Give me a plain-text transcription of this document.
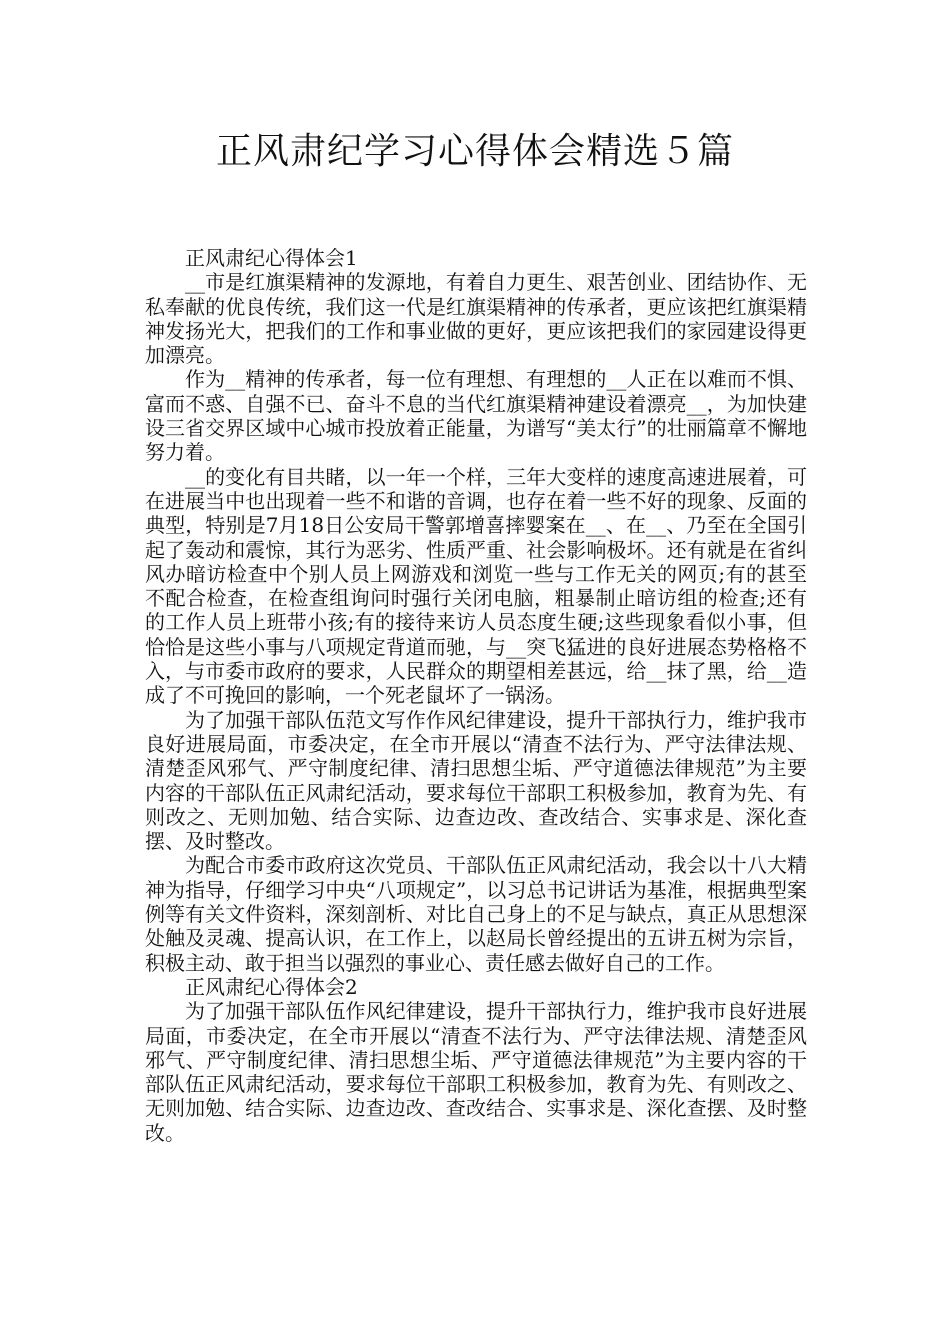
正风肃纪学习心得体会精选５篇

正风肃纪心得体会1

__市是红旗渠精神的发源地，有着自力更生、艰苦创业、团结协作、无私奉献的优良传统，我们这一代是红旗渠精神的传承者，更应该把红旗渠精神发扬光大，把我们的工作和事业做的更好，更应该把我们的家园建设得更加漂亮。

作为__精神的传承者，每一位有理想、有理想的__人正在以难而不惧、富而不惑、自强不已、奋斗不息的当代红旗渠精神建设着漂亮__，为加快建设三省交界区域中心城市投放着正能量，为谱写“美太行”的壮丽篇章不懈地努力着。

__的变化有目共睹，以一年一个样，三年大变样的速度高速进展着，可在进展当中也出现着一些不和谐的音调，也存在着一些不好的现象、反面的典型，特别是7月18日公安局干警郭增喜摔婴案在__、在__、乃至在全国引起了轰动和震惊，其行为恶劣、性质严重、社会影响极坏。还有就是在省纠风办暗访检查中个别人员上网游戏和浏览一些与工作无关的网页;有的甚至不配合检查，在检查组询问时强行关闭电脑，粗暴制止暗访组的检查;还有的工作人员上班带小孩;有的接待来访人员态度生硬;这些现象看似小事，但恰恰是这些小事与八项规定背道而驰，与__突飞猛进的良好进展态势格格不入，与市委市政府的要求，人民群众的期望相差甚远，给__抹了黑，给__造成了不可挽回的影响，一个死老鼠坏了一锅汤。

为了加强干部队伍范文写作作风纪律建设，提升干部执行力，维护我市良好进展局面，市委决定，在全市开展以“清查不法行为、严守法律法规、清楚歪风邪气、严守制度纪律、清扫思想尘垢、严守道德法律规范”为主要内容的干部队伍正风肃纪活动，要求每位干部职工积极参加，教育为先、有则改之、无则加勉、结合实际、边查边改、查改结合、实事求是、深化查摆、及时整改。

为配合市委市政府这次党员、干部队伍正风肃纪活动，我会以十八大精神为指导，仔细学习中央“八项规定”，以习总书记讲话为基准，根据典型案例等有关文件资料，深刻剖析、对比自己身上的不足与缺点，真正从思想深处触及灵魂、提高认识，在工作上，以赵局长曾经提出的五讲五树为宗旨，积极主动、敢于担当以强烈的事业心、责任感去做好自己的工作。

正风肃纪心得体会2

为了加强干部队伍作风纪律建设，提升干部执行力，维护我市良好进展局面，市委决定，在全市开展以“清查不法行为、严守法律法规、清楚歪风邪气、严守制度纪律、清扫思想尘垢、严守道德法律规范”为主要内容的干部队伍正风肃纪活动，要求每位干部职工积极参加，教育为先、有则改之、无则加勉、结合实际、边查边改、查改结合、实事求是、深化查摆、及时整改。
